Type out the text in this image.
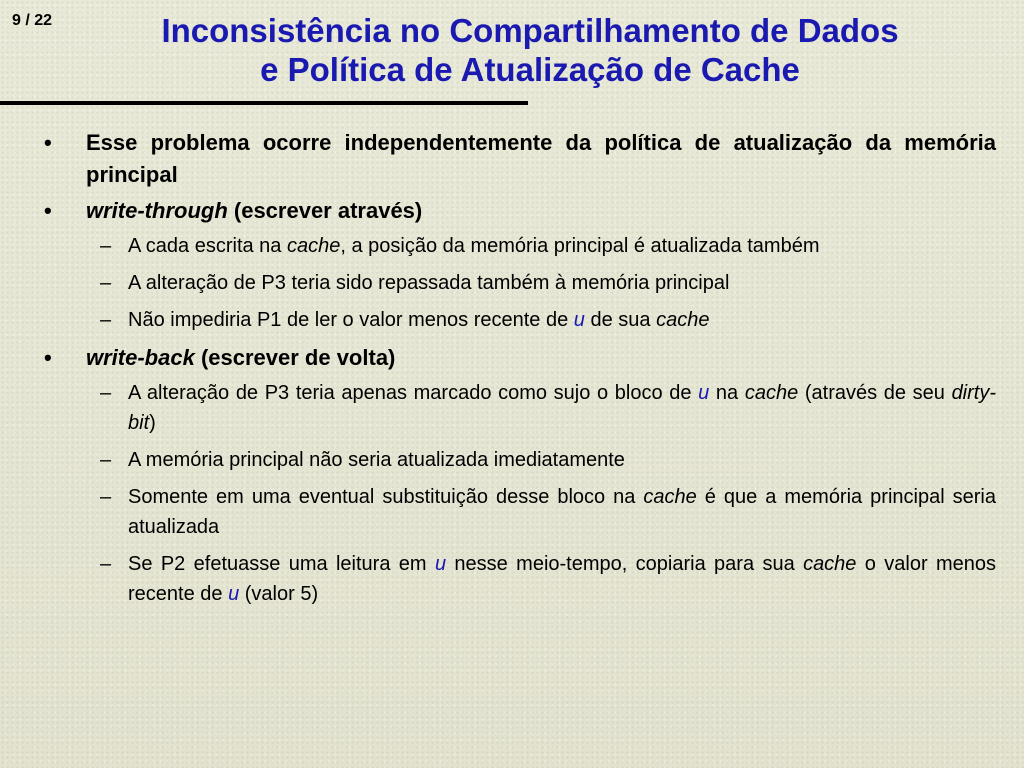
9 / 22	Inconsistência no Compartilhamento de Dados
e Política de Atualização de Cache
• Esse problema ocorre independentemente da política de atualização da memória principal
• write-through (escrever através)
– A cada escrita na cache, a posição da memória principal é atualizada também
– A alteração de P3 teria sido repassada também à memória principal
– Não impediria P1 de ler o valor menos recente de u de sua cache
• write-back (escrever de volta)
– A alteração de P3 teria apenas marcado como sujo o bloco de u na cache (através de seu dirty-bit)
– A memória principal não seria atualizada imediatamente
– Somente em uma eventual substituição desse bloco na cache é que a memória principal seria atualizada
– Se P2 efetuasse uma leitura em u nesse meio-tempo, copiaria para sua cache o valor menos recente de u (valor 5)
